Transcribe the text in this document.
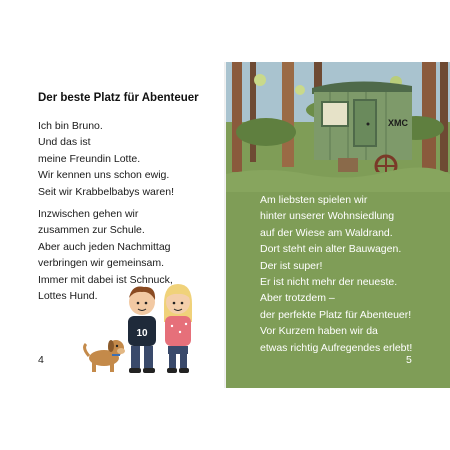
Der beste Platz für Abenteuer
Ich bin Bruno.
Und das ist
meine Freundin Lotte.
Wir kennen uns schon ewig.
Seit wir Krabbelbabys waren!
Inzwischen gehen wir
zusammen zur Schule.
Aber auch jeden Nachmittag
verbringen wir gemeinsam.
Immer mit dabei ist Schnuck,
Lottes Hund.
10
4
XMC
Am liebsten spielen wir
hinter unserer Wohnsiedlung
auf der Wiese am Waldrand.
Dort steht ein alter Bauwagen.
Der ist super!
Er ist nicht mehr der neueste.
Aber trotzdem –
der perfekte Platz für Abenteuer!
Vor Kurzem haben wir da
etwas richtig Aufregendes erlebt!
5
